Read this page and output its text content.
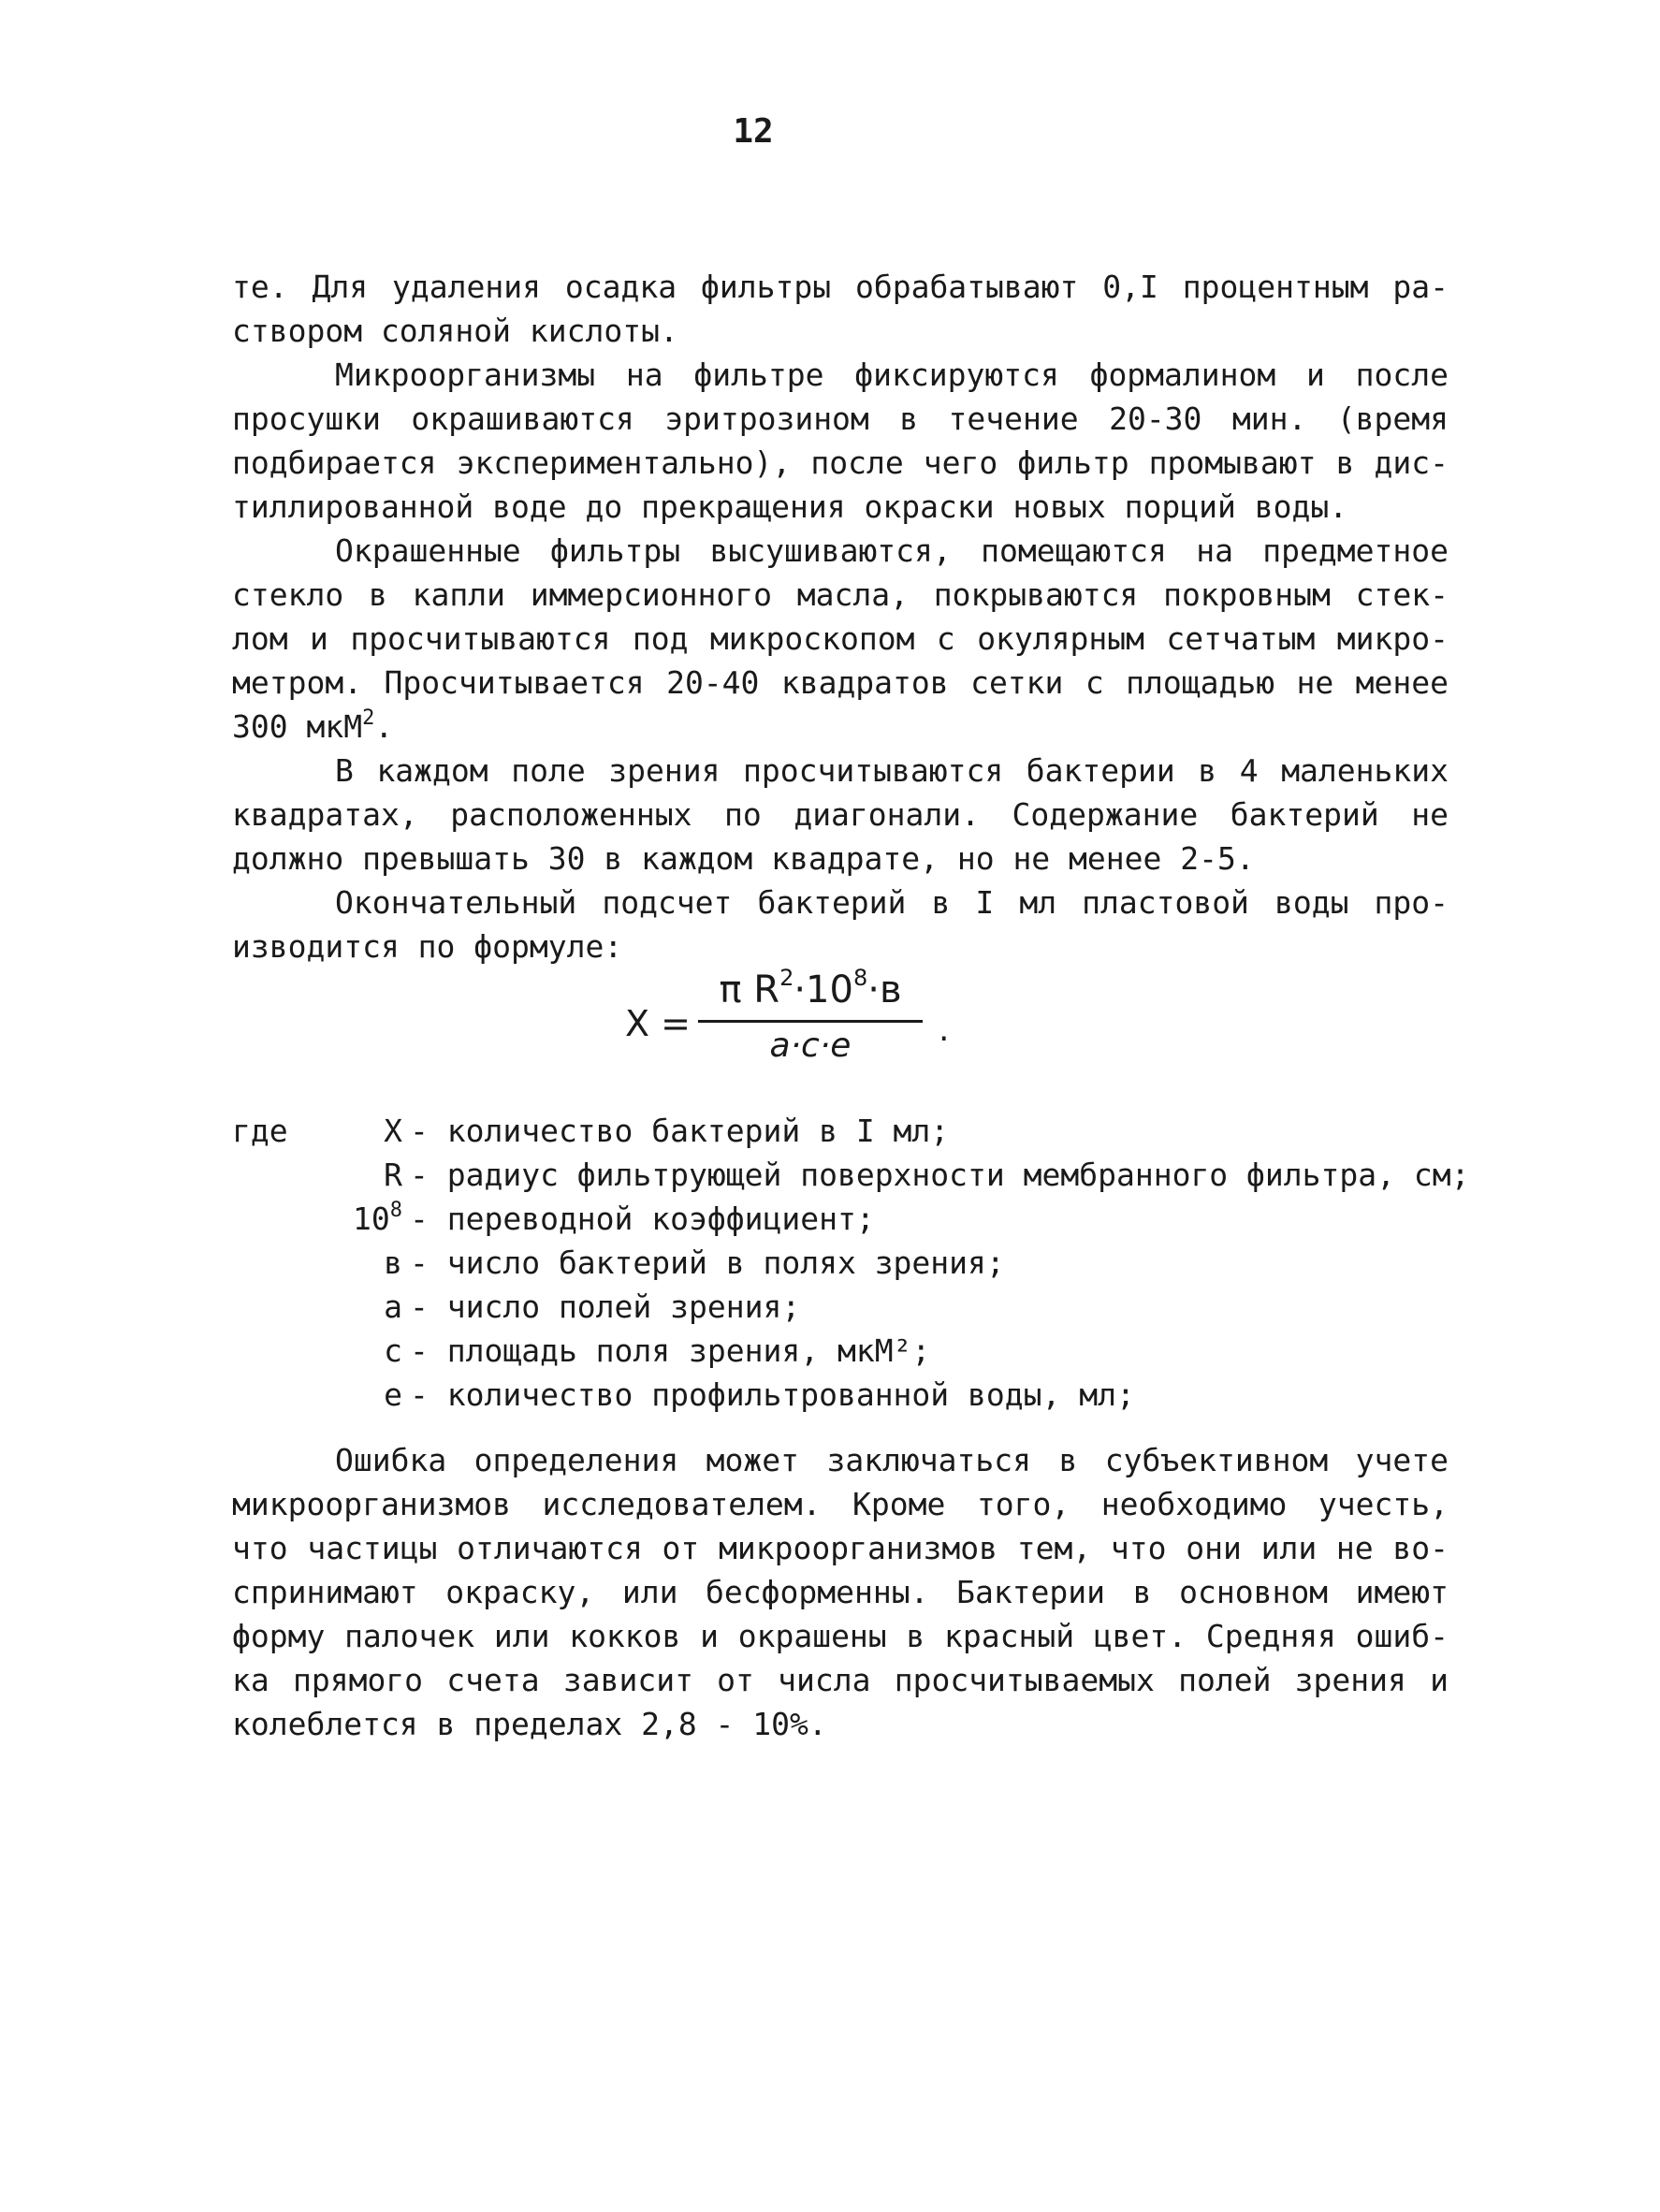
12
те. Для удаления осадка фильтры обрабатывают 0,I процентным ра-
створом соляной кислоты.
Микроорганизмы на фильтре фиксируются формалином и после
просушки окрашиваются эритрозином в течение 20-30 мин. (время
подбирается экспериментально), после чего фильтр промывают в дис-
тиллированной воде до прекращения окраски новых порций воды.
Окрашенные фильтры высушиваются, помещаются на предметное
стекло в капли иммерсионного масла, покрываются покровным стек-
лом и просчитываются под микроскопом с окулярным сетчатым микро-
метром. Просчитывается 20-40 квадратов сетки с площадью не менее
300 мкМ$^2$.
В каждом поле зрения просчитываются бактерии в 4 маленьких
квадратах, расположенных по диагонали. Содержание бактерий не
должно превышать 30 в каждом квадрате, но не менее 2-5.
Окончательный подсчет бактерий в I мл пластовой воды про-
изводится по формуле:
X =
π $R^2\cdot 10^8\cdot в$
a·c·e	.
где	X - количество бактерий в I мл;
R - радиус фильтрующей поверхности мембранного фильтра, см;
$10^8$ - переводной коэффициент;
в - число бактерий в полях зрения;
a - число полей зрения;
c - площадь поля зрения, мкМ²;
e - количество профильтрованной воды, мл;
Ошибка определения может заключаться в субъективном учете
микроорганизмов исследователем. Кроме того, необходимо учесть,
что частицы отличаются от микроорганизмов тем, что они или не во-
спринимают окраску, или бесформенны. Бактерии в основном имеют
форму палочек или кокков и окрашены в красный цвет. Средняя ошиб-
ка прямого счета зависит от числа просчитываемых полей зрения и
колеблется в пределах 2,8 - 10%.
